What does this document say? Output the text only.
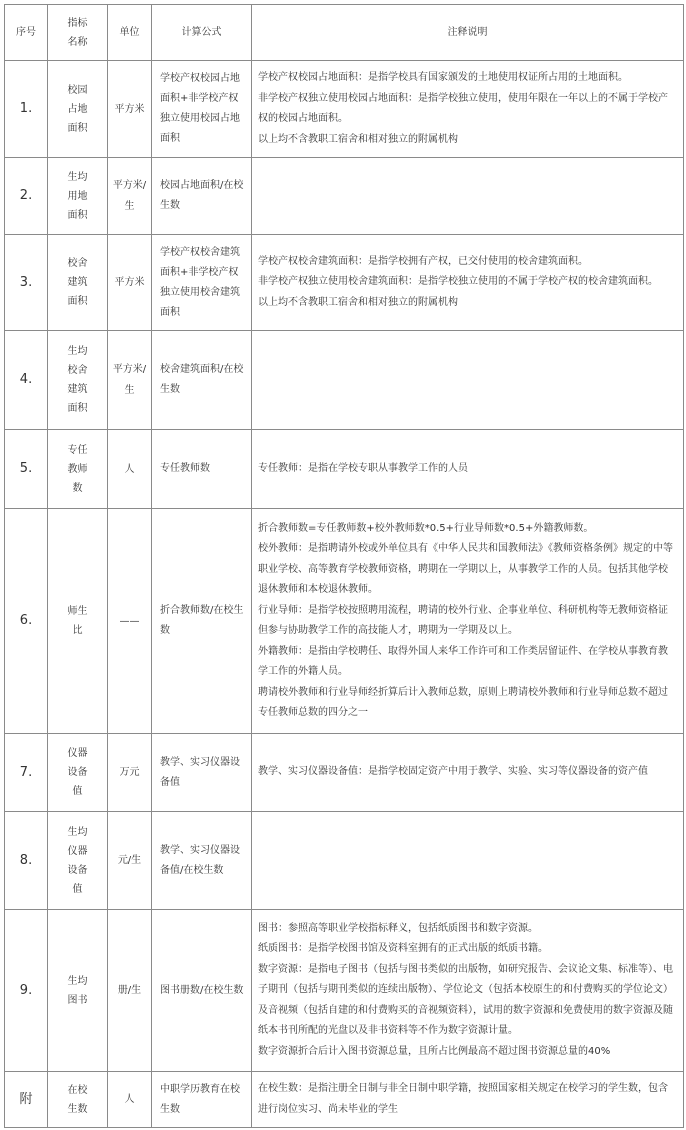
序号	指标名称	单位	计算公式	注释说明
1.	校园占地面积	平方米	学校产权校园占地面积+非学校产权独立使用校园占地面积	学校产权校园占地面积：是指学校具有国家颁发的土地使用权证所占用的土地面积。
非学校产权独立使用校园占地面积：是指学校独立使用，使用年限在一年以上的不属于学校产权的校园占地面积。
以上均不含教职工宿舍和相对独立的附属机构

2.	生均用地面积	平方米/生	校园占地面积/在校生数	
3.	校舍建筑面积	平方米	学校产权校舍建筑面积+非学校产权独立使用校舍建筑面积	学校产权校舍建筑面积：是指学校拥有产权，已交付使用的校舍建筑面积。
非学校产权独立使用校舍建筑面积：是指学校独立使用的不属于学校产权的校舍建筑面积。
以上均不含教职工宿舍和相对独立的附属机构

4.	生均校舍建筑面积	平方米/生	校舍建筑面积/在校生数	
5.	专任教师数	人	专任教师数	专任教师：是指在学校专职从事教学工作的人员

6.	师生比	——	折合教师数/在校生数	折合教师数=专任教师数+校外教师数*0.5+行业导师数*0.5+外籍教师数。
校外教师：是指聘请外校或外单位具有《中华人民共和国教师法》《教师资格条例》规定的中等职业学校、高等教育学校教师资格，聘期在一学期以上，从事教学工作的人员。包括其他学校退休教师和本校退休教师。
行业导师：是指学校按照聘用流程，聘请的校外行业、企事业单位、科研机构等无教师资格证但参与协助教学工作的高技能人才，聘期为一学期及以上。
外籍教师：是指由学校聘任、取得外国人来华工作许可和工作类居留证件、在学校从事教育教学工作的外籍人员。
聘请校外教师和行业导师经折算后计入教师总数，原则上聘请校外教师和行业导师总数不超过专任教师总数的四分之一

7.	仪器设备值	万元	教学、实习仪器设备值	教学、实习仪器设备值：是指学校固定资产中用于教学、实验、实习等仪器设备的资产值

8.	生均仪器设备值	元/生	教学、实习仪器设备值/在校生数	
9.	生均图书	册/生	图书册数/在校生数	图书：参照高等职业学校指标释义，包括纸质图书和数字资源。
纸质图书：是指学校图书馆及资料室拥有的正式出版的纸质书籍。
数字资源：是指电子图书（包括与图书类似的出版物，如研究报告、会议论文集、标准等）、电子期刊（包括与期刊类似的连续出版物）、学位论文（包括本校原生的和付费购买的学位论文）及音视频（包括自建的和付费购买的音视频资料），试用的数字资源和免费使用的数字资源及随纸本书刊所配的光盘以及非书资料等不作为数字资源计量。
数字资源折合后计入图书资源总量，且所占比例最高不超过图书资源总量的40%

附	在校生数	人	中职学历教育在校生数	在校生数：是指注册全日制与非全日制中职学籍，按照国家相关规定在校学习的学生数，包含进行岗位实习、尚未毕业的学生
